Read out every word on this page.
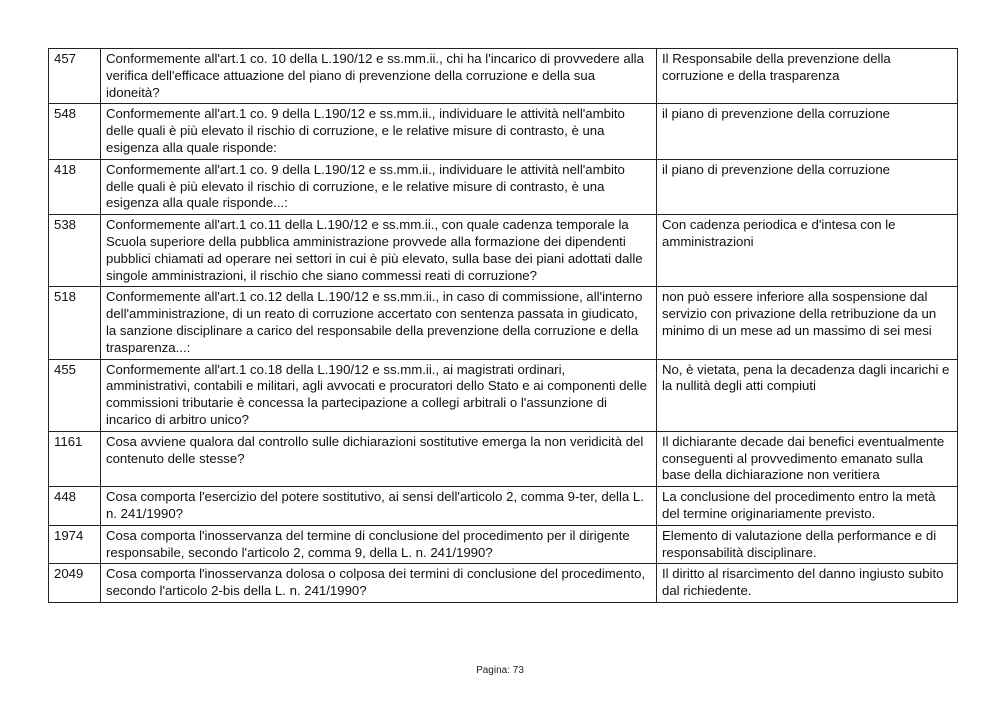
457	Conformemente all'art.1 co. 10 della L.190/12 e ss.mm.ii., chi ha l'incarico di provvedere alla verifica dell'efficace attuazione del piano di prevenzione della corruzione e della sua idoneità?	Il Responsabile della prevenzione della corruzione e della trasparenza
548	Conformemente all'art.1 co. 9 della L.190/12 e ss.mm.ii., individuare le attività nell'ambito delle quali è più elevato il rischio di corruzione, e le relative misure di contrasto, è una esigenza alla quale risponde:	il piano di prevenzione della corruzione
418	Conformemente all'art.1 co. 9 della L.190/12 e ss.mm.ii., individuare le attività nell'ambito delle quali è più elevato il rischio di corruzione, e le relative misure di contrasto, è una esigenza alla quale risponde...:	il piano di prevenzione della corruzione
538	Conformemente all'art.1 co.11 della L.190/12 e ss.mm.ii., con quale cadenza temporale la Scuola superiore della pubblica amministrazione provvede alla formazione dei dipendenti pubblici chiamati ad operare nei settori in cui è più elevato, sulla base dei piani adottati dalle singole amministrazioni, il rischio che siano commessi reati di corruzione?	Con cadenza periodica e d'intesa con le amministrazioni
518	Conformemente all'art.1 co.12 della L.190/12 e ss.mm.ii., in caso di commissione, all'interno dell'amministrazione, di un reato di corruzione accertato con sentenza passata in giudicato, la sanzione disciplinare a carico del responsabile della prevenzione della corruzione e della trasparenza...:	non può essere inferiore alla sospensione dal servizio con privazione della retribuzione da un minimo di un mese ad un massimo di sei mesi
455	Conformemente all'art.1 co.18 della L.190/12 e ss.mm.ii., ai magistrati ordinari, amministrativi, contabili e militari, agli avvocati e procuratori dello Stato e ai componenti delle commissioni tributarie è concessa la partecipazione a collegi arbitrali o l'assunzione di incarico di arbitro unico?	No, è vietata, pena la decadenza dagli incarichi e la nullità degli atti compiuti
1161	Cosa avviene qualora dal controllo sulle dichiarazioni sostitutive emerga la non veridicità del contenuto delle stesse?	Il dichiarante decade dai benefici eventualmente conseguenti al provvedimento emanato sulla base della dichiarazione non veritiera
448	Cosa comporta l'esercizio del potere sostitutivo, ai sensi dell'articolo 2, comma 9-ter, della L. n. 241/1990?	La conclusione del procedimento entro la metà del termine originariamente previsto.
1974	Cosa comporta l'inosservanza del termine di conclusione del procedimento per il dirigente responsabile, secondo l'articolo 2, comma 9, della L. n. 241/1990?	Elemento di valutazione della performance e di responsabilità disciplinare.
2049	Cosa comporta l'inosservanza dolosa o colposa dei termini di conclusione del procedimento, secondo l'articolo 2-bis della L. n. 241/1990?	Il diritto al risarcimento del danno ingiusto subito dal richiedente.
Pagina: 73
